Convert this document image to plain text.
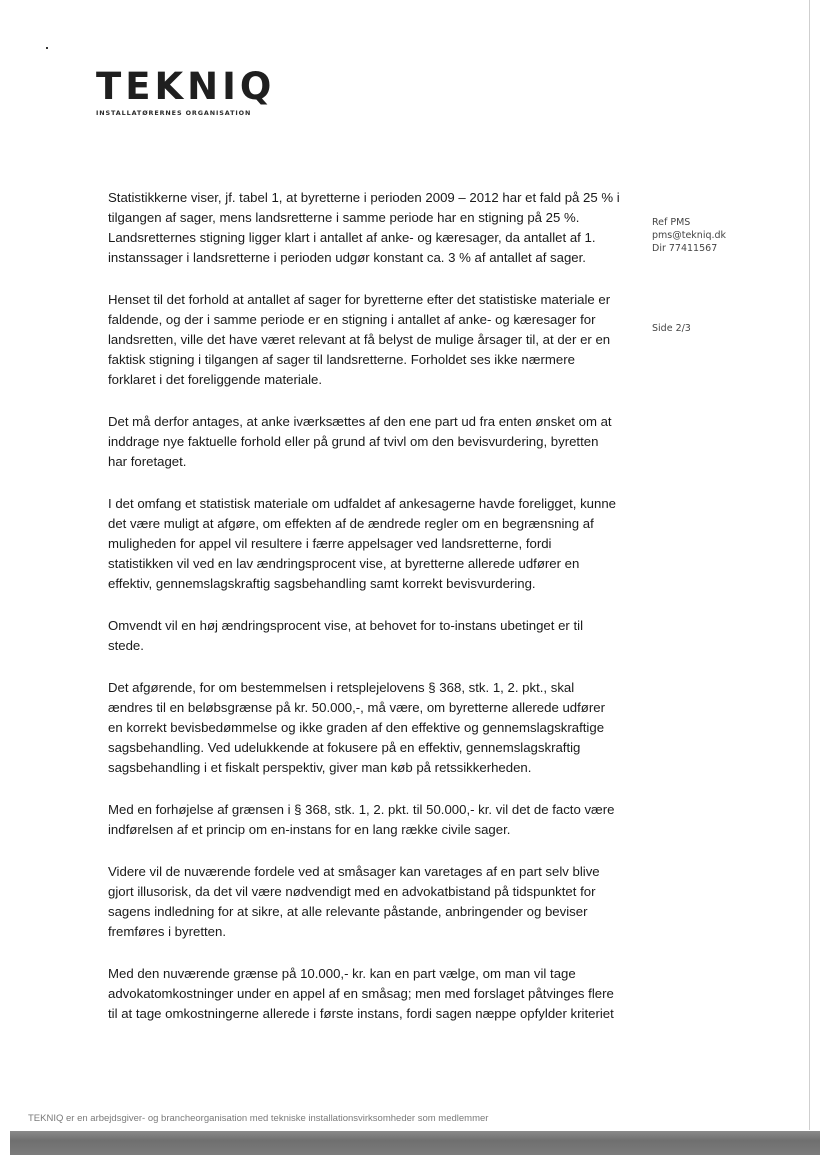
TEKNIQ
INSTALLATØRERNES ORGANISATION
Ref PMS
pms@tekniq.dk
Dir 77411567
Side 2/3

Statistikkerne viser, jf. tabel 1, at byretterne i perioden 2009 – 2012 har et fald på 25 % i tilgangen af sager, mens landsretterne i samme periode har en stigning på 25 %. Landsretternes stigning ligger klart i antallet af anke- og kæresager, da antallet af 1. instanssager i landsretterne i perioden udgør konstant ca. 3 % af antallet af sager.

Henset til det forhold at antallet af sager for byretterne efter det statistiske materiale er faldende, og der i samme periode er en stigning i antallet af anke- og kæresager for landsretten, ville det have været relevant at få belyst de mulige årsager til, at der er en faktisk stigning i tilgangen af sager til landsretterne. Forholdet ses ikke nærmere forklaret i det foreliggende materiale.

Det må derfor antages, at anke iværksættes af den ene part ud fra enten ønsket om at inddrage nye faktuelle forhold eller på grund af tvivl om den bevisvurdering, byretten har foretaget.

I det omfang et statistisk materiale om udfaldet af ankesagerne havde foreligget, kunne det være muligt at afgøre, om effekten af de ændrede regler om en begrænsning af muligheden for appel vil resultere i færre appelsager ved landsretterne, fordi statistikken vil ved en lav ændringsprocent vise, at byretterne allerede udfører en effektiv, gennemslagskraftig sagsbehandling samt korrekt bevisvurdering.

Omvendt vil en høj ændringsprocent vise, at behovet for to-instans ubetinget er til stede.

Det afgørende, for om bestemmelsen i retsplejelovens § 368, stk. 1, 2. pkt., skal ændres til en beløbsgrænse på kr. 50.000,-, må være, om byretterne allerede udfører en korrekt bevisbedømmelse og ikke graden af den effektive og gennemslagskraftige sagsbehandling. Ved udelukkende at fokusere på en effektiv, gennemslagskraftig sagsbehandling i et fiskalt perspektiv, giver man køb på retssikkerheden.

Med en forhøjelse af grænsen i § 368, stk. 1, 2. pkt. til 50.000,- kr. vil det de facto være indførelsen af et princip om en-instans for en lang række civile sager.

Videre vil de nuværende fordele ved at småsager kan varetages af en part selv blive gjort illusorisk, da det vil være nødvendigt med en advokatbistand på tidspunktet for sagens indledning for at sikre, at alle relevante påstande, anbringender og beviser fremføres i byretten.

Med den nuværende grænse på 10.000,- kr. kan en part vælge, om man vil tage advokatomkostninger under en appel af en småsag; men med forslaget påtvinges flere til at tage omkostningerne allerede i første instans, fordi sagen næppe opfylder kriteriet

TEKNIQ er en arbejdsgiver- og brancheorganisation med tekniske installationsvirksomheder som medlemmer
